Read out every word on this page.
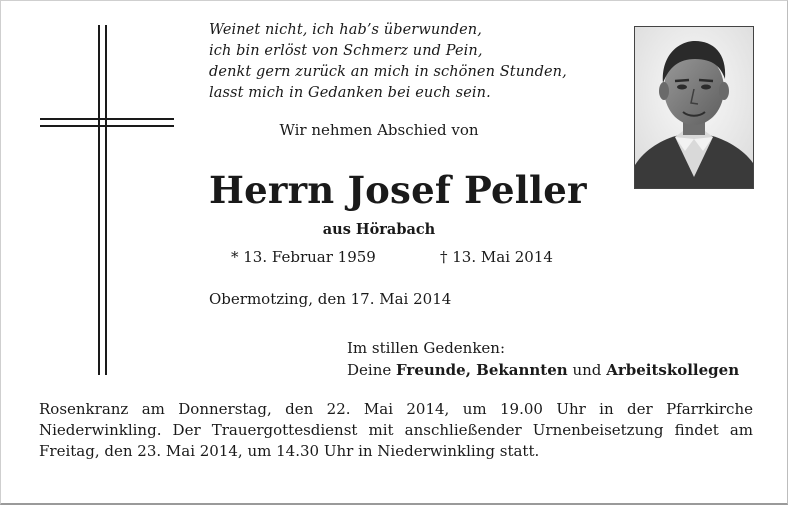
Weinet nicht, ich hab’s überwunden,
ich bin erlöst von Schmerz und Pein,
denkt gern zurück an mich in schönen Stunden,
lasst mich in Gedanken bei euch sein.
Wir nehmen Abschied von
Herrn Josef Peller
aus Hörabach
* 13. Februar 1959	† 13. Mai 2014
Obermotzing, den 17. Mai 2014
Im stillen Gedenken:
Deine Freunde, Bekannten und Arbeitskollegen
Rosenkranz am Donnerstag, den 22. Mai 2014, um 19.00 Uhr in der Pfarrkirche Niederwinkling. Der Trauergottesdienst mit anschließender Urnenbeisetzung findet am Freitag, den 23. Mai 2014, um 14.30 Uhr in Niederwinkling statt.
